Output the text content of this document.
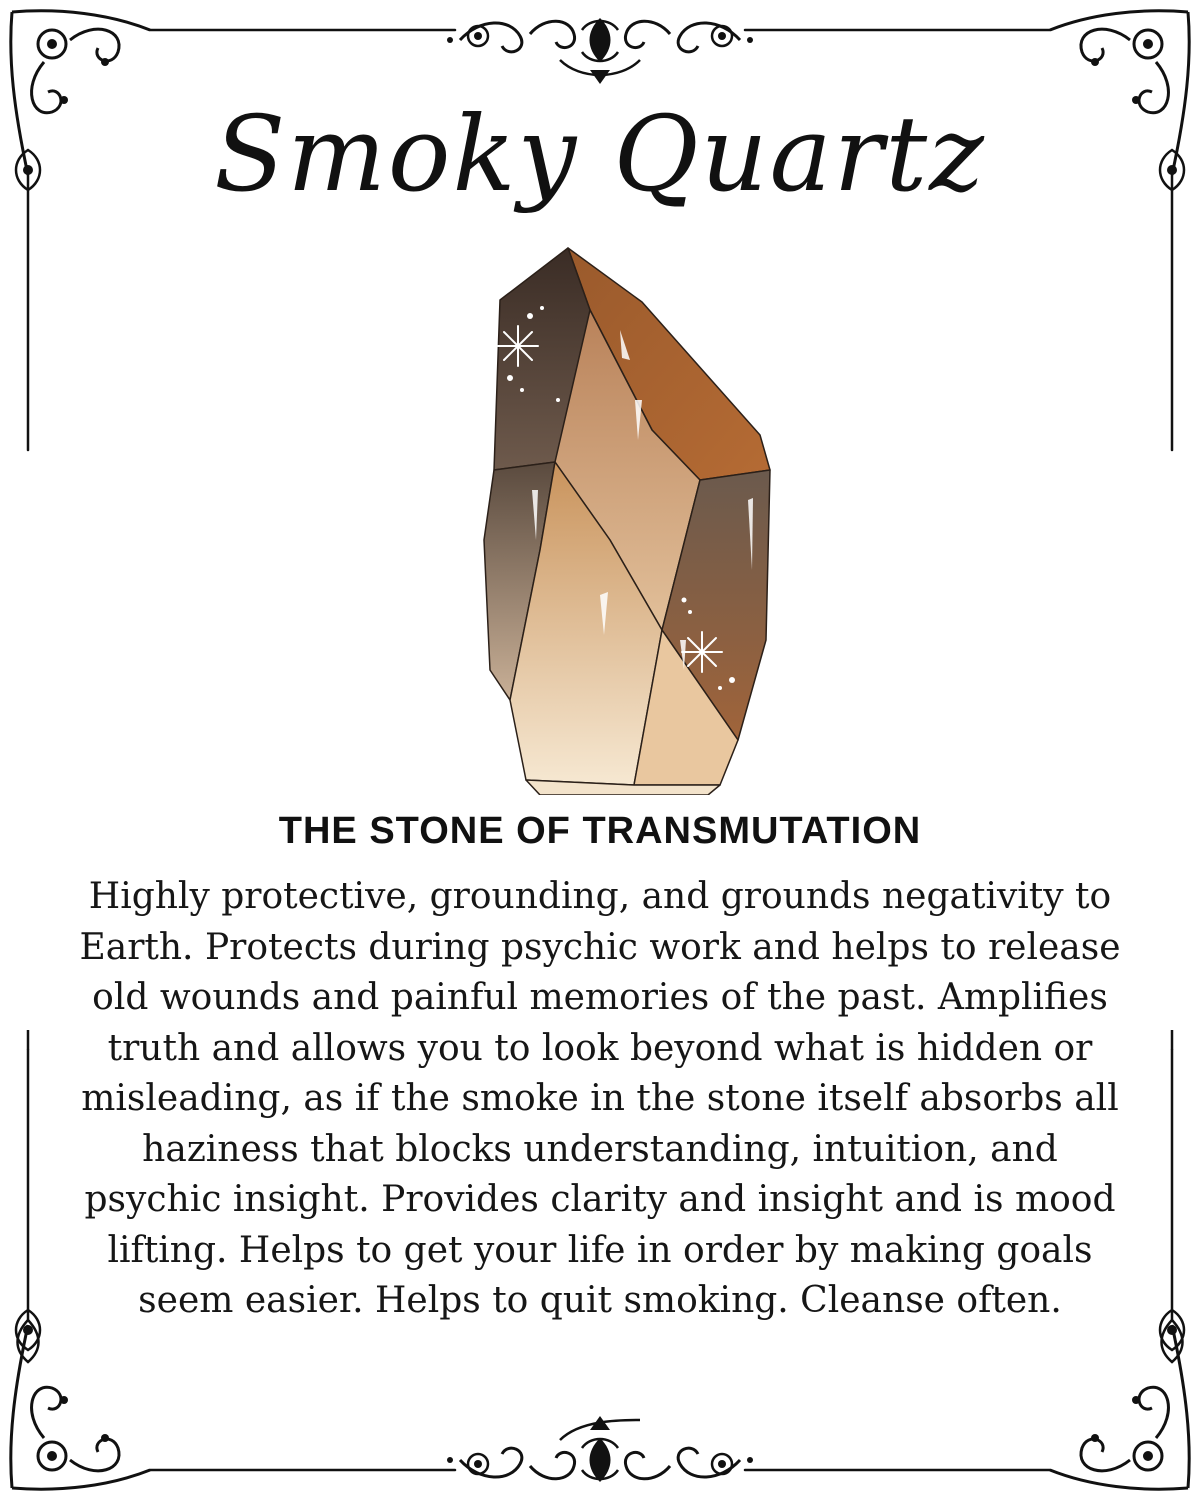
Smoky Quartz
THE STONE OF TRANSMUTATION
Highly protective, grounding, and grounds negativity to Earth. Protects during psychic work and helps to release old wounds and painful memories of the past. Amplifies truth and allows you to look beyond what is hidden or misleading, as if the smoke in the stone itself absorbs all haziness that blocks understanding, intuition, and psychic insight. Provides clarity and insight and is mood lifting. Helps to get your life in order by making goals seem easier. Helps to quit smoking. Cleanse often.
